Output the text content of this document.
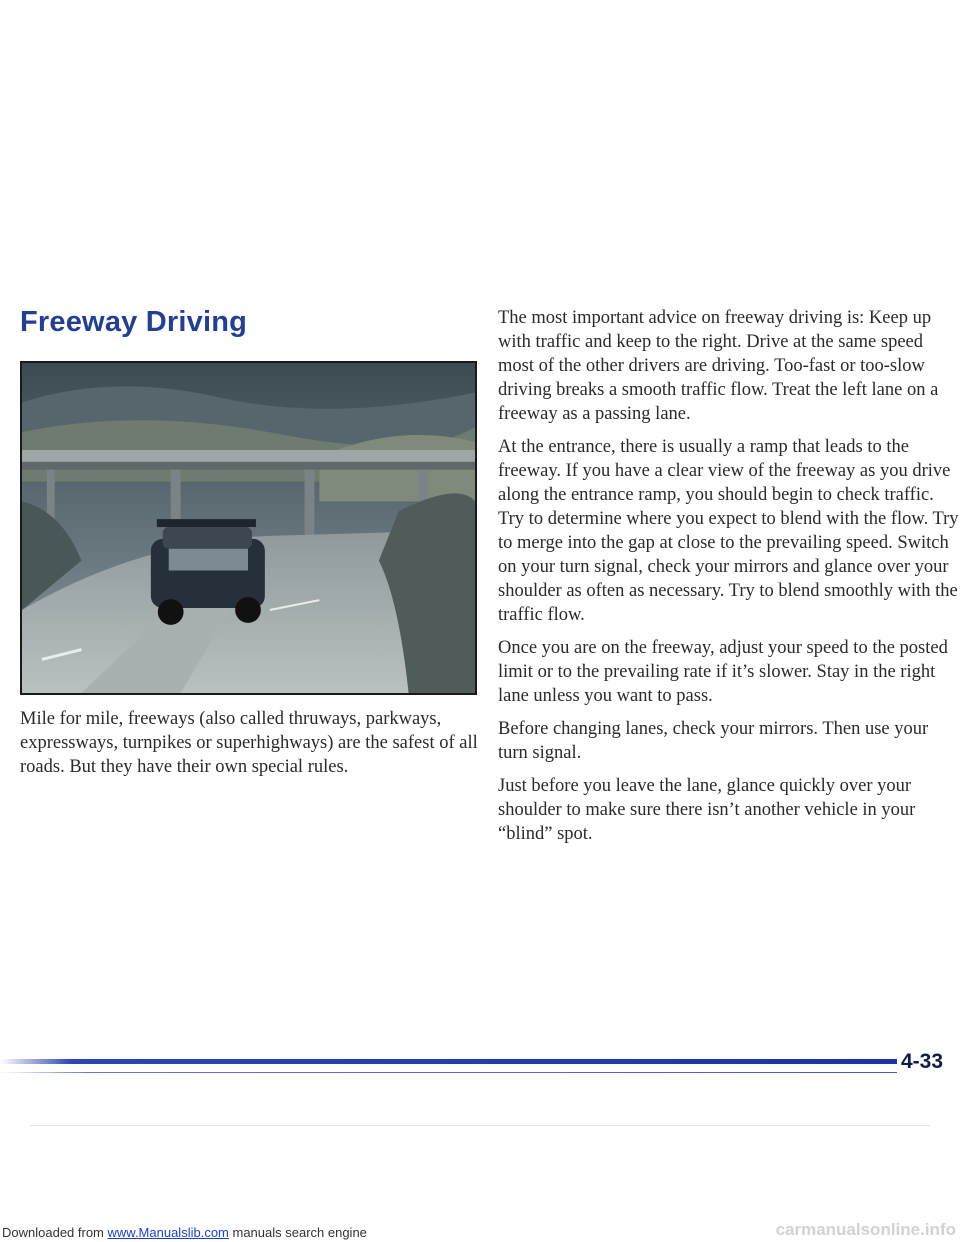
Freeway Driving

Mile for mile, freeways (also called thruways, parkways, expressways, turnpikes or superhighways) are the safest of all roads. But they have their own special rules.

The most important advice on freeway driving is: Keep up with traffic and keep to the right. Drive at the same speed most of the other drivers are driving. Too-fast or too-slow driving breaks a smooth traffic flow. Treat the left lane on a freeway as a passing lane.

At the entrance, there is usually a ramp that leads to the freeway. If you have a clear view of the freeway as you drive along the entrance ramp, you should begin to check traffic. Try to determine where you expect to blend with the flow. Try to merge into the gap at close to the prevailing speed. Switch on your turn signal, check your mirrors and glance over your shoulder as often as necessary. Try to blend smoothly with the traffic flow.

Once you are on the freeway, adjust your speed to the posted limit or to the prevailing rate if it’s slower. Stay in the right lane unless you want to pass.

Before changing lanes, check your mirrors. Then use your turn signal.

Just before you leave the lane, glance quickly over your shoulder to make sure there isn’t another vehicle in your “blind” spot.

4-33

Downloaded from www.Manualslib.com manuals search engine	carmanualsonline.info
